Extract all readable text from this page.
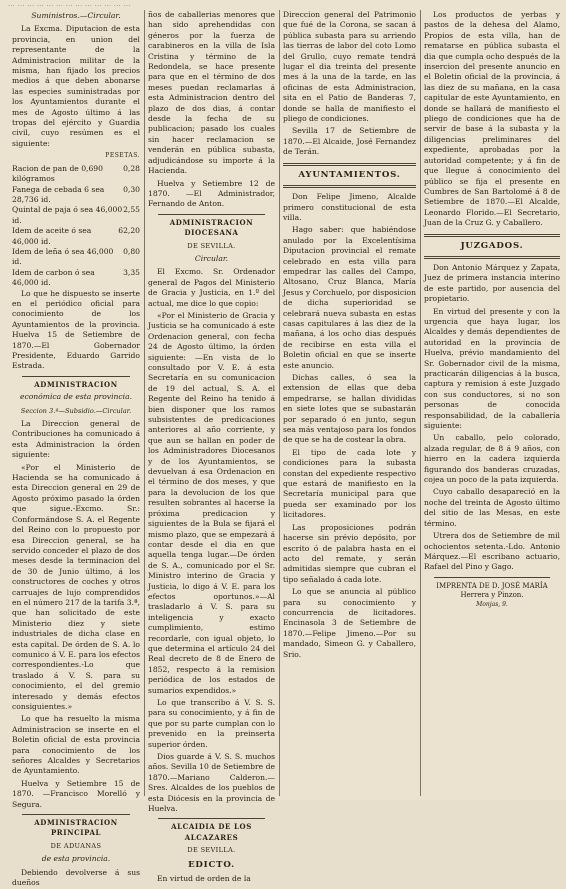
... ... ... ... ... ... ... ... ... ... ... ... ...
Suministros.—Circular.

La Excma. Diputacion de esta provincia, en union del representante de la Administracion militar de la misma, han fijado los precios medios á que deben abonarse las especies suministradas por los Ayuntamientos durante el mes de Agosto último á las tropas del ejército y Guardia civil, cuyo resúmen es el siguiente:

PESETAS.
Racion de pan de 0,690 kilógramos
0,28
Fanega de cebada 6 sea 28,736 id.
0,30
Quintal de paja ó sea 46,000 id.
2,55
Idem de aceite ó sea 46,000 id.
62,20
Idem de leña ó sea 46,000 id.
0,80
Idem de carbon ó sea 46,000 id.
3,35

Lo que he dispuesto se inserte en el periódico oficial para conocimiento de los Ayuntamientos de la provincia. Huelva 15 de Setiembre de 1870.—El Gobernador Presidente, Eduardo Garrido Estrada.

ADMINISTRACION
económica de esta provincia.
Seccion 3.ª—Subsidio.—Circular.

La Direccion general de Contribuciones ha comunicado á esta Administracion la órden siguiente:

«Por el Ministerio de Hacienda se ha comunicado á esta Direccion general en 29 de Agosto próximo pasado la órden que sigue.-Excmo. Sr.: Conformándose S. A. el Regente del Reino con lo propuesto por esa Direccion general, se ha servido conceder el plazo de dos meses desde la terminacion del de 30 de Junio último, á los constructores de coches y otros carruajes de lujo comprendidos en el número 217 de la tarifa 3.ª, que han solicitado de este Ministerio diez y siete industriales de dicha clase en esta capital. De órden de S. A. lo comunico á V. E. para los efectos correspondientes.-Lo que traslado á V. S. para su conocimiento, el del gremio interesado y demás efectos consiguientes.»

Lo que ha resuelto la misma Administracion se inserte en el Boletin oficial de esta provincia para conocimiento de los señores Alcaldes y Secretarios de Ayuntamiento.

Huelva y Setiembre 15 de 1870. —Francisco Morelló y Segura.

ADMINISTRACION PRINCIPAL
DE ADUANAS
de esta provincia.

Debiendo devolverse á sus dueños

ños de caballerias menores que han sido aprehendidas con géneros por la fuerza de carabineros en la villa de Isla Cristina y término de la Redondela, se hace presente para que en el término de dos meses puedan reclamarlas á esta Administracion dentro del plazo de dos dias, á contar desde la fecha de su publicacion; pasado los cuales sin hacer reclamacion se venderán en pública subasta, adjudicándose su importe á la Hacienda.

Huelva y Setiembre 12 de 1870. —El Administrador, Fernando de Anton.

ADMINISTRACION DIOCESANA
DE SEVILLA.
Circular.

El Excmo. Sr. Ordenador general de Pagos del Ministerio de Gracia y Justicia, en 1.º del actual, me dice lo que copio:

«Por el Ministerio de Gracia y Justicia se ha comunicado á este Ordenacion general, con fecha 24 de Agosto último, la órden siguiente: —En vista de lo consultado por V. E. á esta Secretaría en su comunicacion de 19 del actual, S. A. el Regente del Reino ha tenido á bien disponer que los ramos subsistentes de predicaciones anteriores al año corriente, y que aun se hallan en poder de los Administradores Diocesanos y de los Ayuntamientos, se devuelvan á esa Ordenacion en el término de dos meses, y que para la devolucion de los que resulten sobrantes al hacerse la próxima predicacion y siguientes de la Bula se fijará el mismo plazo, que se empezará á contar desde el dia en que aquella tenga lugar.—De órden de S. A., comunicado por el Sr. Ministro interino de Gracia y Justicia, lo digo á V. E. para los efectos oportunos.»—Al trasladarlo á V. S. para su inteligencia y exacto cumplimiento, estimo recordarle, con igual objeto, lo que determina el artículo 24 del Real decreto de 8 de Enero de 1852, respecto á la remision periódica de los estados de sumarios expendidos.»

Lo que transcribo á V. S. S. para su conocimiento, y á fin de que por su parte cumplan con lo prevenido en la preinserta superior órden.

Dios guarde á V. S. S. muchos años. Sevilla 10 de Setiembre de 1870.—Mariano Calderon.—Sres. Alcaldes de los pueblos de esta Diócesis en la provincia de Huelva.

ALCAIDIA DE LOS ALCAZARES
DE SEVILLA.
EDICTO.

En virtud de orden de la

Direccion general del Patrimonio que fué de la Corona, se sacan á pública subasta para su arriendo las tierras de labor del coto Lomo del Grullo, cuyo remate tendrá lugar el dia treinta del presente mes á la una de la tarde, en las oficinas de esta Administracion, sita en el Patio de Banderas 7, donde se halla de manifiesto el pliego de condiciones.

Sevilla 17 de Setiembre de 1870.—El Alcaide, José Fernandez de Terán.

AYUNTAMIENTOS.

Don Felipe Jimeno, Alcalde primero constitucional de esta villa.

Hago saber: que habiéndose anulado por la Excelentísima Diputacion provincial el remate celebrado en esta villa para empedrar las calles del Campo, Altosano, Cruz Blanca, María Jesus y Corchuelo, por disposicion de dicha superioridad se celebrará nueva subasta en estas casas capitulares á las diez de la mañana, á los ocho dias después de recibirse en esta villa el Boletin oficial en que se inserte este anuncio.

Dichas calles, ó sea la extension de ellas que deba empedrarse, se hallan divididas en siete lotes que se subastarán por separado ó en junto, segun sea más ventajoso para los fondos de que se ha de costear la obra.

El tipo de cada lote y condiciones para la subasta constan del expediente respectivo que estará de manifiesto en la Secretaría municipal para que pueda ser examinado por los licitadores.

Las proposiciones podrán hacerse sin prévio depósito, por escrito ó de palabra hasta en el acto del remate, y serán admitidas siempre que cubran el tipo señalado á cada lote.

Lo que se anuncia al público para su conocimiento y concurrencia de licitadores. Encinasola 3 de Setiembre de 1870.—Felipe Jimeno.—Por su mandado, Simeon G. y Caballero, Srio.

Los productos de yerbas y pastos de la dehesa del Alamo, Propios de esta villa, han de rematarse en pública subasta el dia que cumpla ocho después de la insercion del presente anuncio en el Boletin oficial de la provincia, á las diez de su mañana, en la casa capitular de este Ayuntamiento, en donde se hallará de manifiesto el pliego de condiciones que ha de servir de base á la subasta y la diligencias preliminares del expediente, aprobadas por la autoridad competente; y á fin de que llegue á conocimiento del público se fija el presente en Cumbres de San Bartolomé á 8 de Setiembre de 1870.—El Alcalde, Leonardo Florido.—El Secretario, Juan de la Cruz G. y Caballero.

JUZGADOS.

Don Antonio Márquez y Zapata, Juez de primera instancia interino de este partido, por ausencia del propietario.

En virtud del presente y con la urgencia que haya lugar, los Alcaldes y demás dependientes de autoridad en la provincia de Huelva, prévio mandamiento del Sr. Gobernador civil de la misma, practicarán diligencias á la busca, captura y remision á este Juzgado con sus conductores, si no son personas de conocida responsabilidad, de la caballería siguiente:

Un caballo, pelo colorado, alzada regular, de 8 á 9 años, con hierro en la cadera izquierda figurando dos banderas cruzadas, cojea un poco de la pata izquierda.

Cuyo caballo desapareció en la noche del treinta de Agosto último del sitio de las Mesas, en este término.

Utrera dos de Setiembre de mil ochocientos setenta.-Ldo. Antonio Márquez.—El escribano actuario, Rafael del Pino y Gago.

IMPRENTA DE D. JOSÉ MARÍA Herrera y Pinzon.
Monjas, 9.
